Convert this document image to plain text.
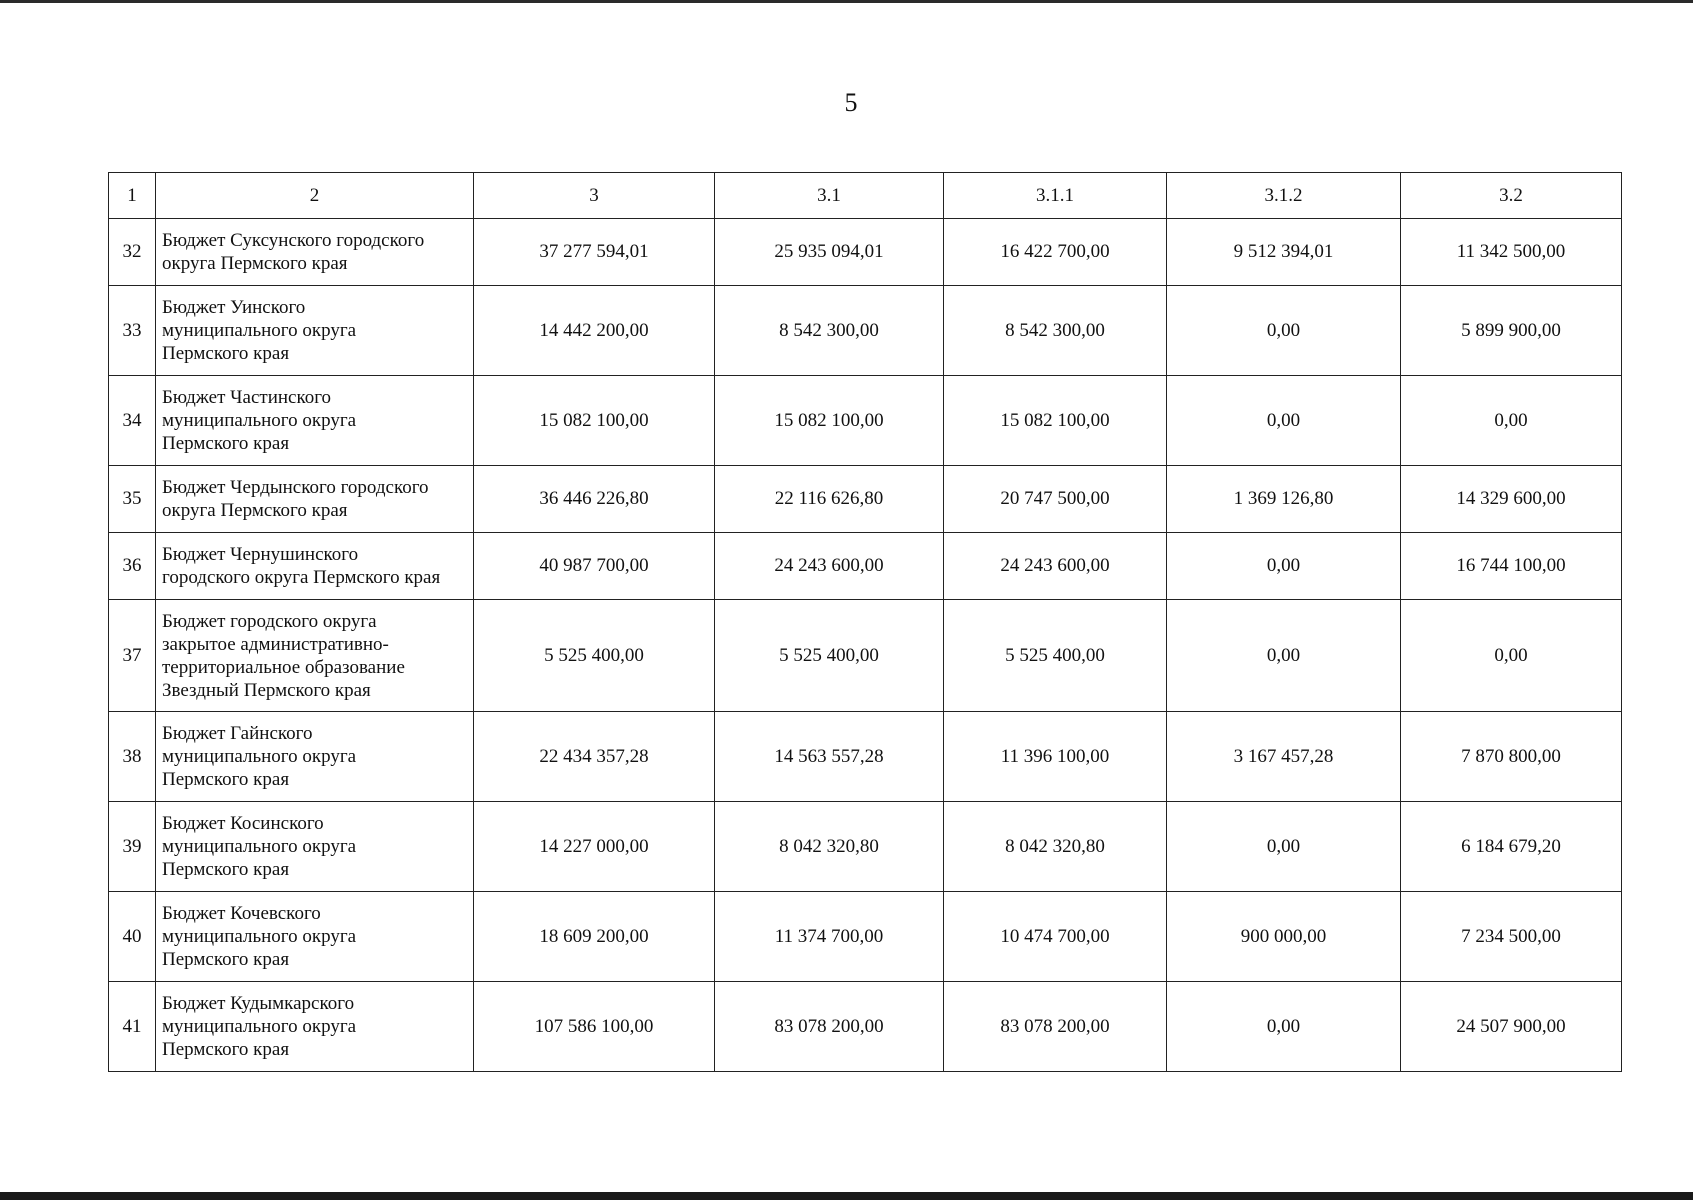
5
1	2	3	3.1	3.1.1	3.1.2	3.2
32	Бюджет Суксунского городского
округа Пермского края	37 277 594,01	25 935 094,01	16 422 700,00	9 512 394,01	11 342 500,00
33	Бюджет Уинского
муниципального округа
Пермского края	14 442 200,00	8 542 300,00	8 542 300,00	0,00	5 899 900,00
34	Бюджет Частинского
муниципального округа
Пермского края	15 082 100,00	15 082 100,00	15 082 100,00	0,00	0,00
35	Бюджет Чердынского городского
округа Пермского края	36 446 226,80	22 116 626,80	20 747 500,00	1 369 126,80	14 329 600,00
36	Бюджет Чернушинского
городского округа Пермского края	40 987 700,00	24 243 600,00	24 243 600,00	0,00	16 744 100,00
37	Бюджет городского округа
закрытое административно-
территориальное образование
Звездный Пермского края	5 525 400,00	5 525 400,00	5 525 400,00	0,00	0,00
38	Бюджет Гайнского
муниципального округа
Пермского края	22 434 357,28	14 563 557,28	11 396 100,00	3 167 457,28	7 870 800,00
39	Бюджет Косинского
муниципального округа
Пермского края	14 227 000,00	8 042 320,80	8 042 320,80	0,00	6 184 679,20
40	Бюджет Кочевского
муниципального округа
Пермского края	18 609 200,00	11 374 700,00	10 474 700,00	900 000,00	7 234 500,00
41	Бюджет Кудымкарского
муниципального округа
Пермского края	107 586 100,00	83 078 200,00	83 078 200,00	0,00	24 507 900,00
